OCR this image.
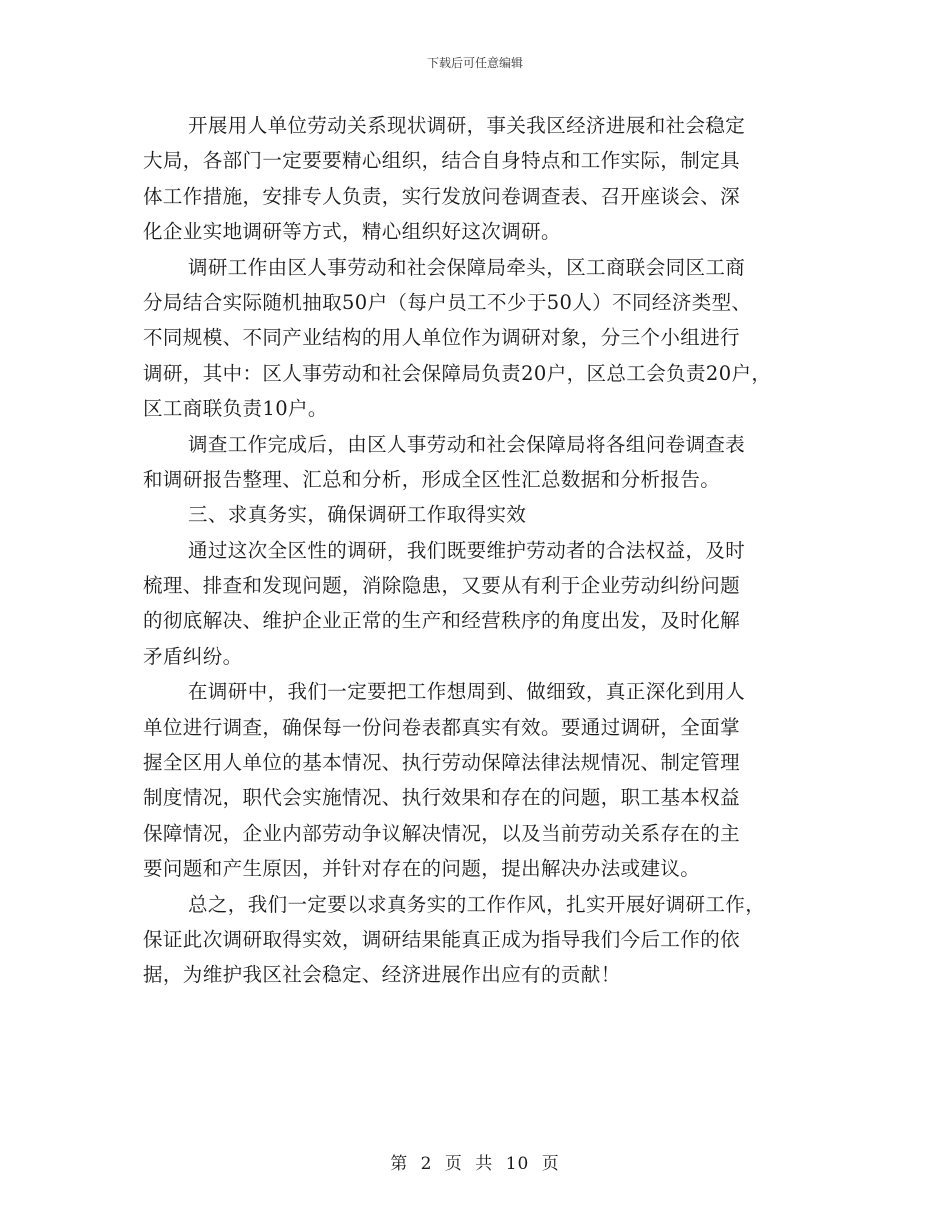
下载后可任意编辑
开展用人单位劳动关系现状调研，事关我区经济进展和社会稳定
大局，各部门一定要要精心组织，结合自身特点和工作实际，制定具
体工作措施，安排专人负责，实行发放问卷调查表、召开座谈会、深
化企业实地调研等方式，精心组织好这次调研。
调研工作由区人事劳动和社会保障局牵头，区工商联会同区工商
分局结合实际随机抽取50户（每户员工不少于50人）不同经济类型、
不同规模、不同产业结构的用人单位作为调研对象，分三个小组进行
调研，其中：区人事劳动和社会保障局负责20户，区总工会负责20户，
区工商联负责10户。
调查工作完成后，由区人事劳动和社会保障局将各组问卷调查表
和调研报告整理、汇总和分析，形成全区性汇总数据和分析报告。
三、求真务实，确保调研工作取得实效
通过这次全区性的调研，我们既要维护劳动者的合法权益，及时
梳理、排查和发现问题，消除隐患，又要从有利于企业劳动纠纷问题
的彻底解决、维护企业正常的生产和经营秩序的角度出发，及时化解
矛盾纠纷。
在调研中，我们一定要把工作想周到、做细致，真正深化到用人
单位进行调查，确保每一份问卷表都真实有效。要通过调研，全面掌
握全区用人单位的基本情况、执行劳动保障法律法规情况、制定管理
制度情况，职代会实施情况、执行效果和存在的问题，职工基本权益
保障情况，企业内部劳动争议解决情况，以及当前劳动关系存在的主
要问题和产生原因，并针对存在的问题，提出解决办法或建议。
总之，我们一定要以求真务实的工作作风，扎实开展好调研工作，
保证此次调研取得实效，调研结果能真正成为指导我们今后工作的依
据，为维护我区社会稳定、经济进展作出应有的贡献！
第 2 页 共 10 页
